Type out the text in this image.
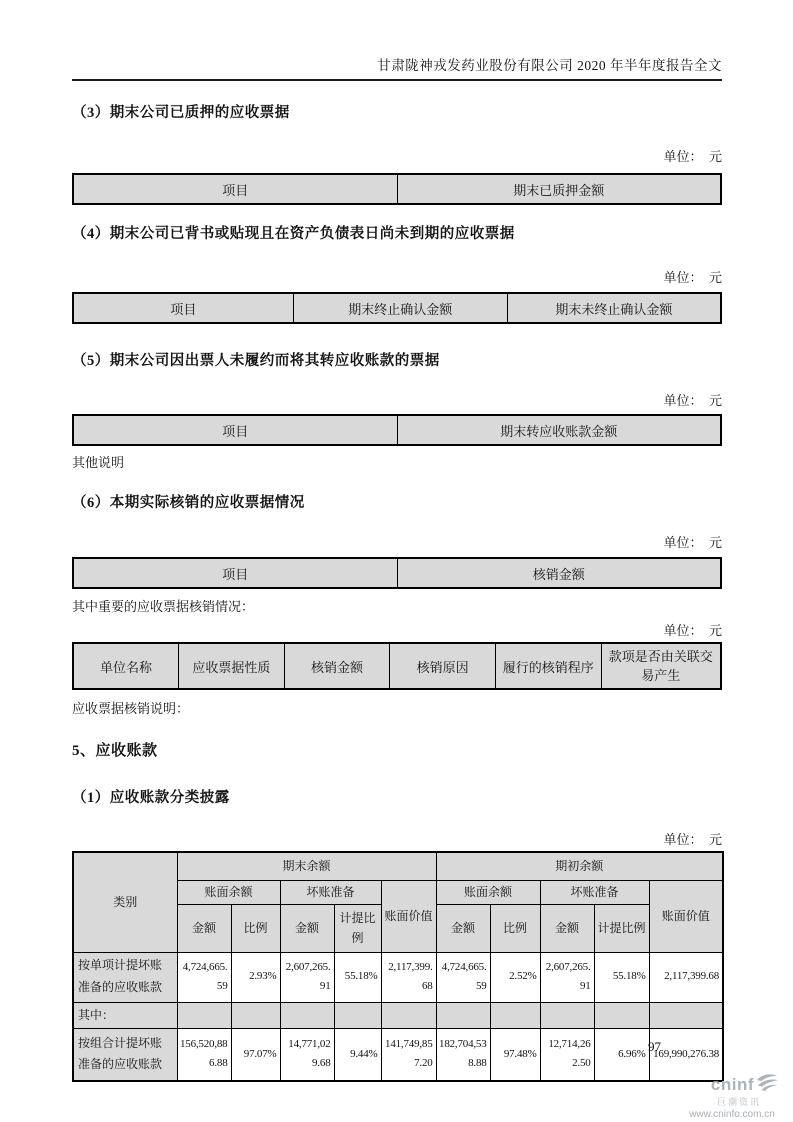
甘肃陇神戎发药业股份有限公司 2020 年半年度报告全文
（3）期末公司已质押的应收票据
单位：  元
项目	期末已质押金额
（4）期末公司已背书或贴现且在资产负债表日尚未到期的应收票据
单位：  元
项目	期末终止确认金额	期末未终止确认金额
（5）期末公司因出票人未履约而将其转应收账款的票据
单位：  元
项目	期末转应收账款金额
其他说明
（6）本期实际核销的应收票据情况
单位：  元
项目	核销金额
其中重要的应收票据核销情况：
单位：  元
单位名称	应收票据性质	核销金额	核销原因	履行的核销程序	款项是否由关联交易产生
应收票据核销说明：
5、应收账款
（1）应收账款分类披露
单位：  元
类别	期末余额					期初余额				
	账面余额		坏账准备		账面价值	账面余额		坏账准备		账面价值
	金额	比例	金额	计提比例		金额	比例	金额	计提比例	
按单项计提坏账准备的应收账款	4,724,665.59	2.93%	2,607,265.91	55.18%	2,117,399.68	4,724,665.59	2.52%	2,607,265.91	55.18%	2,117,399.68
其中：										
按组合计提坏账准备的应收账款	156,520,886.88	97.07%	14,771,029.68	9.44%	141,749,857.20	182,704,538.88	97.48%	12,714,262.50	6.96%	169,990,276.38
97
cninf
巨潮资讯
www.cninfo.com.cn
